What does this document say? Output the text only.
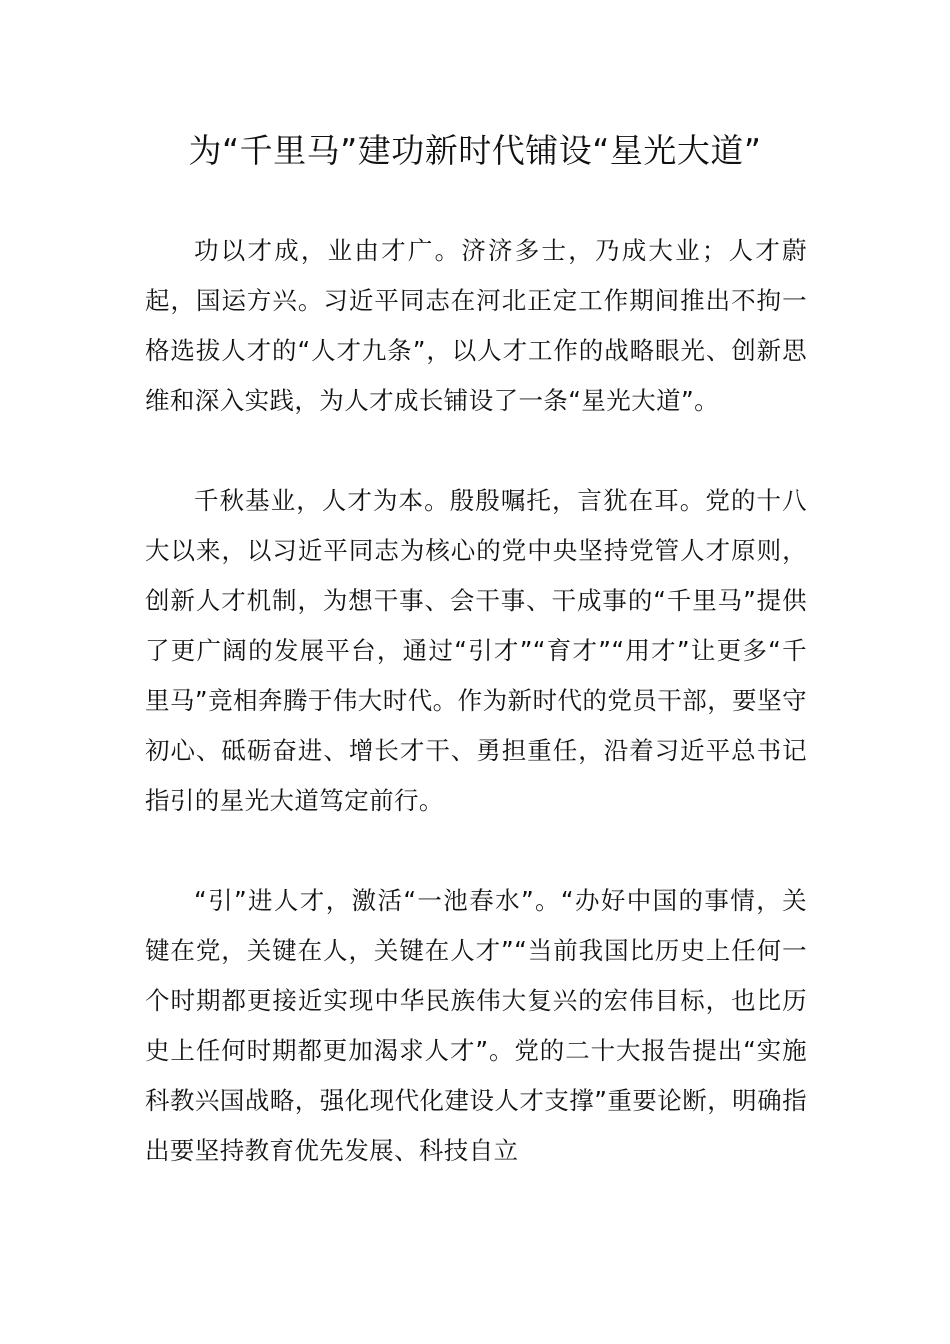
为“千里马”建功新时代铺设“星光大道”

功以才成，业由才广。济济多士，乃成大业；人才蔚起，国运方兴。习近平同志在河北正定工作期间推出不拘一格选拔人才的“人才九条”，以人才工作的战略眼光、创新思维和深入实践，为人才成长铺设了一条“星光大道”。

千秋基业，人才为本。殷殷嘱托，言犹在耳。党的十八大以来，以习近平同志为核心的党中央坚持党管人才原则，创新人才机制，为想干事、会干事、干成事的“千里马”提供了更广阔的发展平台，通过“引才”“育才”“用才”让更多“千里马”竞相奔腾于伟大时代。作为新时代的党员干部，要坚守初心、砥砺奋进、增长才干、勇担重任，沿着习近平总书记指引的星光大道笃定前行。

“引”进人才，激活“一池春水”。“办好中国的事情，关键在党，关键在人，关键在人才”“当前我国比历史上任何一个时期都更接近实现中华民族伟大复兴的宏伟目标，也比历史上任何时期都更加渴求人才”。党的二十大报告提出“实施科教兴国战略，强化现代化建设人才支撑”重要论断，明确指出要坚持教育优先发展、科技自立
